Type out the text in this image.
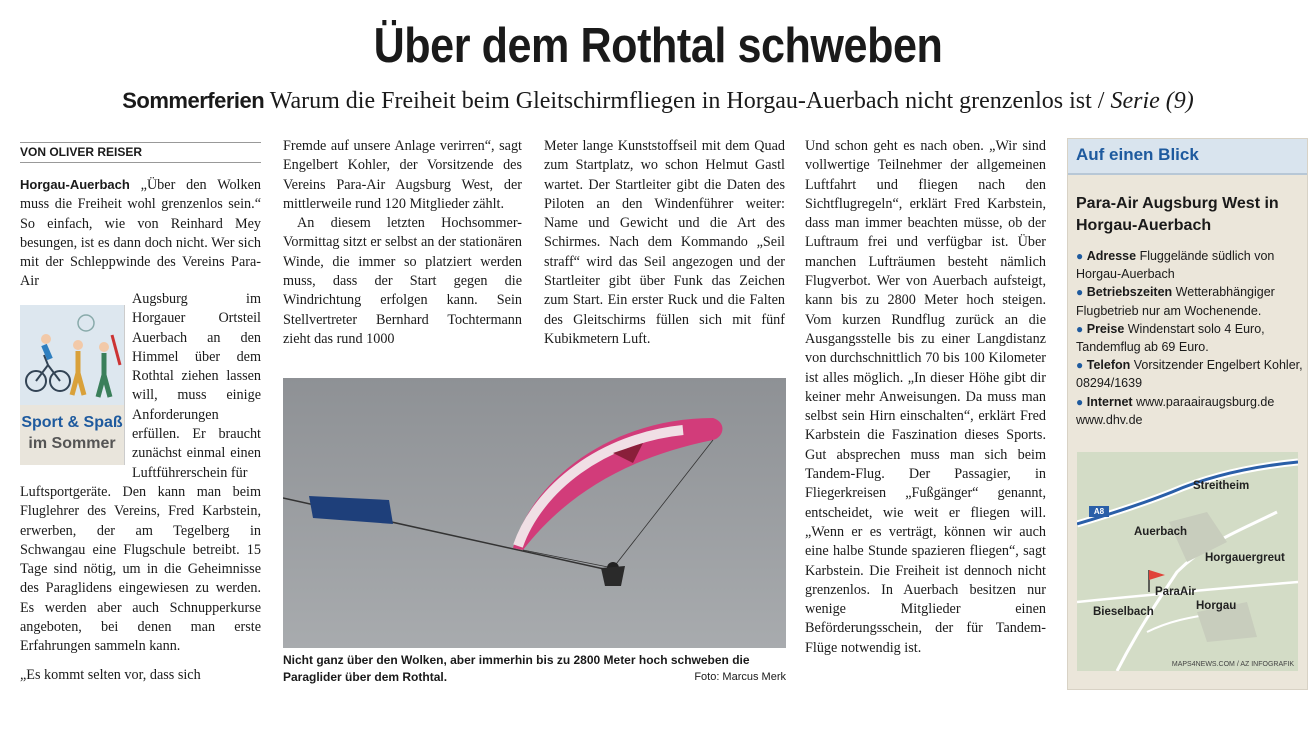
Über dem Rothtal schweben
Sommerferien Warum die Freiheit beim Gleitschirmfliegen in Horgau-Auerbach nicht grenzenlos ist / Serie (9)
VON OLIVER REISER

Horgau-Auerbach „Über den Wolken muss die Freiheit wohl grenzenlos sein.“ So einfach, wie von Reinhard Mey besungen, ist es dann doch nicht. Wer sich mit der Schleppwinde des Vereins Para-Air

Augsburg im Horgauer Ortsteil Auerbach an den Himmel über dem Rothtal ziehen lassen will, muss einige Anforderungen erfüllen. Er braucht zunächst einmal einen Luftführerschein für

Sport & Spaß
im Sommer

Luftsportgeräte. Den kann man beim Fluglehrer des Vereins, Fred Karbstein, erwerben, der am Tegelberg in Schwangau eine Flugschule betreibt. 15 Tage sind nötig, um in die Geheimnisse des Paraglidens eingewiesen zu werden. Es werden aber auch Schnupperkurse angeboten, bei denen man erste Erfahrungen sammeln kann.

„Es kommt selten vor, dass sich

Fremde auf unsere Anlage verirren“, sagt Engelbert Kohler, der Vorsitzende des Vereins Para-Air Augsburg West, der mittlerweile rund 120 Mitglieder zählt.

An diesem letzten Hochsommer-Vormittag sitzt er selbst an der stationären Winde, die immer so platziert werden muss, dass der Start gegen die Windrichtung erfolgen kann. Sein Stellvertreter Bernhard Tochtermann zieht das rund 1000

Meter lange Kunststoffseil mit dem Quad zum Startplatz, wo schon Helmut Gastl wartet. Der Startleiter gibt die Daten des Piloten an den Windenführer weiter: Name und Gewicht und die Art des Schirmes. Nach dem Kommando „Seil straff“ wird das Seil angezogen und der Startleiter gibt über Funk das Zeichen zum Start. Ein erster Ruck und die Falten des Gleitschirms füllen sich mit fünf Kubikmetern Luft.

Nicht ganz über den Wolken, aber immerhin bis zu 2800 Meter hoch schweben die Paraglider über dem Rothtal.	Foto: Marcus Merk

Und schon geht es nach oben. „Wir sind vollwertige Teilnehmer der allgemeinen Luftfahrt und fliegen nach den Sichtflugregeln“, erklärt Fred Karbstein, dass man immer beachten müsse, ob der Luftraum frei und verfügbar ist. Über manchen Lufträumen besteht nämlich Flugverbot. Wer von Auerbach aufsteigt, kann bis zu 2800 Meter hoch steigen. Vom kurzen Rundflug zurück an die Ausgangsstelle bis zu einer Langdistanz von durchschnittlich 70 bis 100 Kilometer ist alles möglich. „In dieser Höhe gibt dir keiner mehr Anweisungen. Da muss man selbst sein Hirn einschalten“, erklärt Fred Karbstein die Faszination dieses Sports. Gut absprechen muss man sich beim Tandem-Flug. Der Passagier, in Fliegerkreisen „Fußgänger“ genannt, entscheidet, wie weit er fliegen will. „Wenn er es verträgt, können wir auch eine halbe Stunde spazieren fliegen“, sagt Karbstein. Die Freiheit ist dennoch nicht grenzenlos. In Auerbach besitzen nur wenige Mitglieder einen Beförderungsschein, der für Tandem-Flüge notwendig ist.

Auf einen Blick
Para-Air Augsburg West in Horgau-Auerbach
● Adresse Fluggelände südlich von Horgau-Auerbach
● Betriebszeiten Wetterabhängiger Flugbetrieb nur am Wochenende.
● Preise Windenstart solo 4 Euro, Tandemflug ab 69 Euro.
● Telefon Vorsitzender Engelbert Kohler, 08294/1639
● Internet www.paraairaugsburg.de www.dhv.de
A8
Streitheim
Auerbach
Horgauergreut
ParaAir
Bieselbach	Horgau
MAPS4NEWS.COM / AZ INFOGRAFIK
